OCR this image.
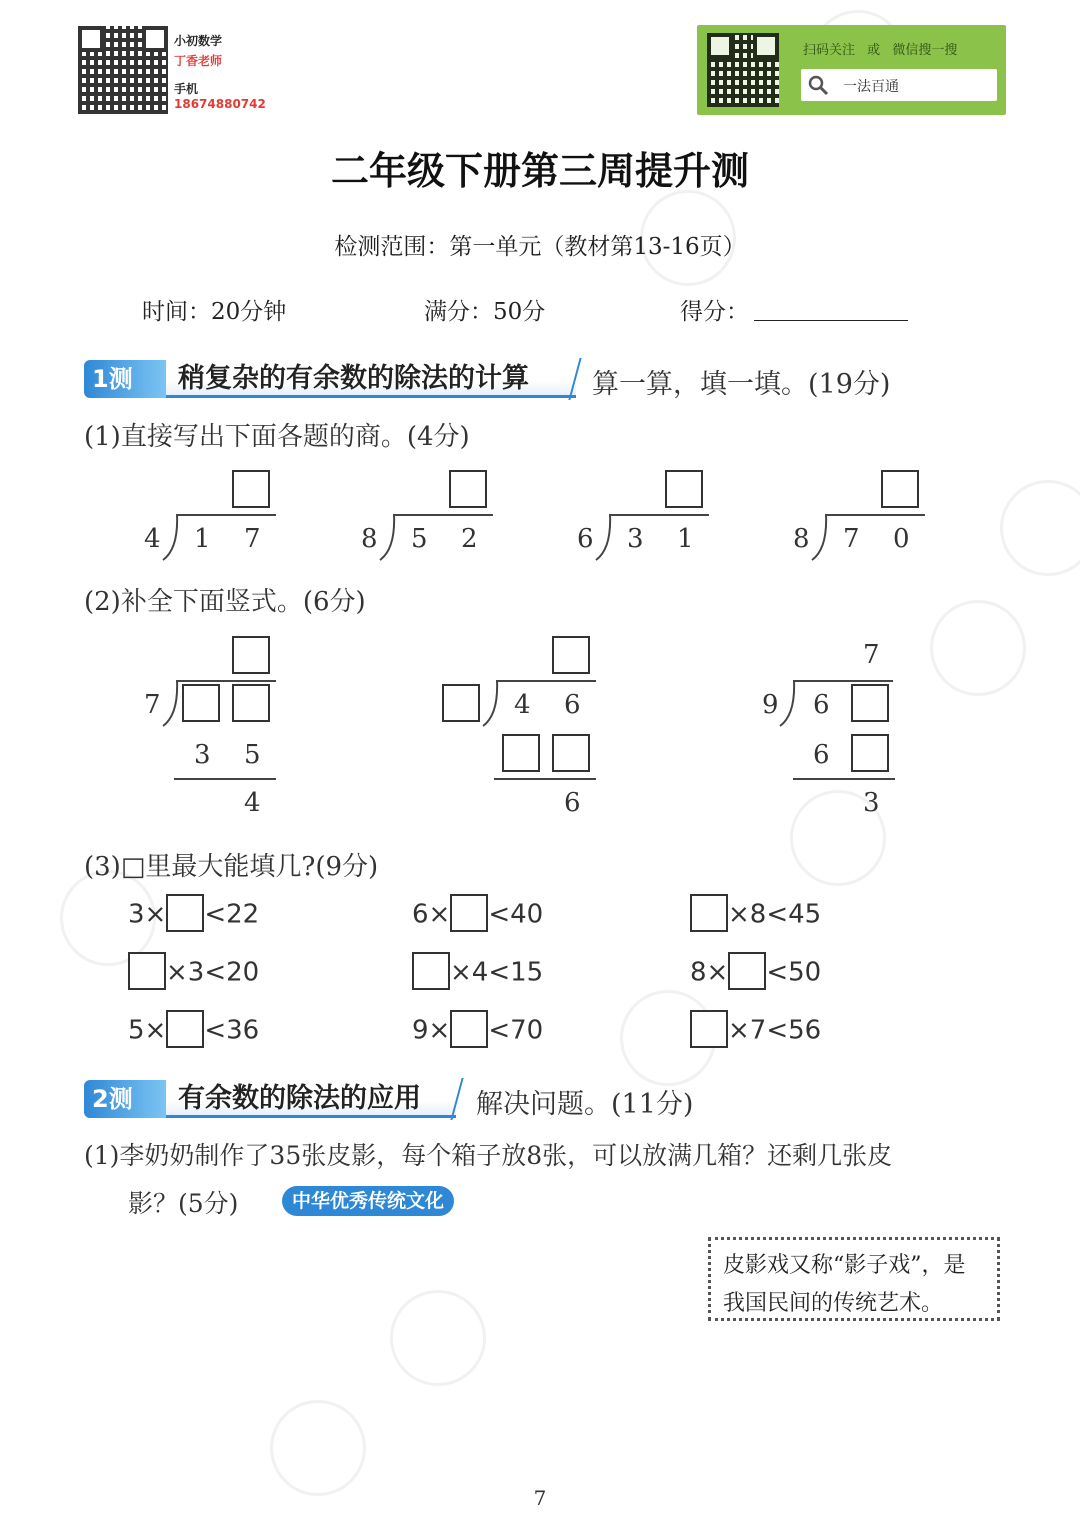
小初数学
丁香老师
手机
18674880742
扫码关注 或 微信搜一搜
一法百通
二年级下册第三周提升测
检测范围：第一单元（教材第13-16页）
时间：20分钟	满分：50分	得分：
1测	稍复杂的有余数的除法的计算	算一算，填一填。(19分)
(1)直接写出下面各题的商。(4分)
4 1 7	8 5 2	6 3 1	8 7 0
(2)补全下面竖式。(6分)
7
3 5
4
4 6
6
7
9 6
6
3
(3)□里最大能填几?(9分)
3× <22	6× <40	×8<45
×3<20	×4<15	8× <50
5× <36	9× <70	×7<56
2测	有余数的除法的应用	解决问题。(11分)
(1)李奶奶制作了35张皮影，每个箱子放8张，可以放满几箱？还剩几张皮
影？(5分)	中华优秀传统文化
皮影戏又称“影子戏”，是
我国民间的传统艺术。
7
